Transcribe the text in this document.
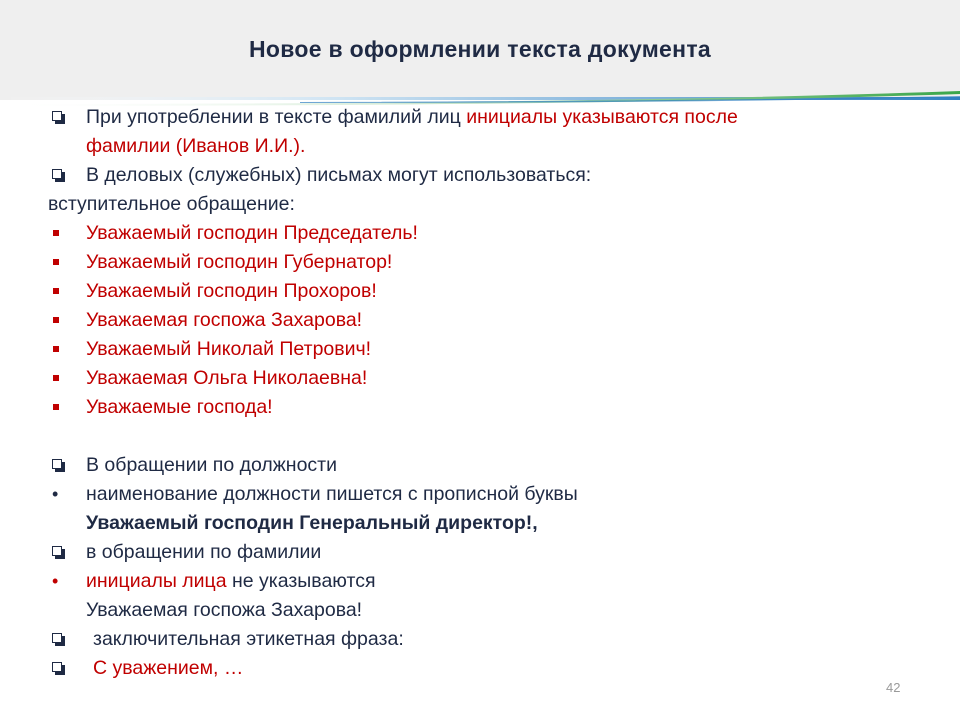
Новое в оформлении текста документа
При употреблении в тексте фамилий лиц инициалы указываются после
фамилии (Иванов И.И.).
В деловых (служебных) письмах могут использоваться:
вступительное обращение:
Уважаемый господин Председатель!
Уважаемый господин Губернатор!
Уважаемый господин Прохоров!
Уважаемая госпожа Захарова!
Уважаемый Николай Петрович!
Уважаемая Ольга Николаевна!
Уважаемые господа!
В обращении по должности
• наименование должности пишется с прописной буквы
Уважаемый господин Генеральный директор!,
в обращении по фамилии
• инициалы лица не указываются
Уважаемая госпожа Захарова!
заключительная этикетная фраза:
С уважением, …
42
